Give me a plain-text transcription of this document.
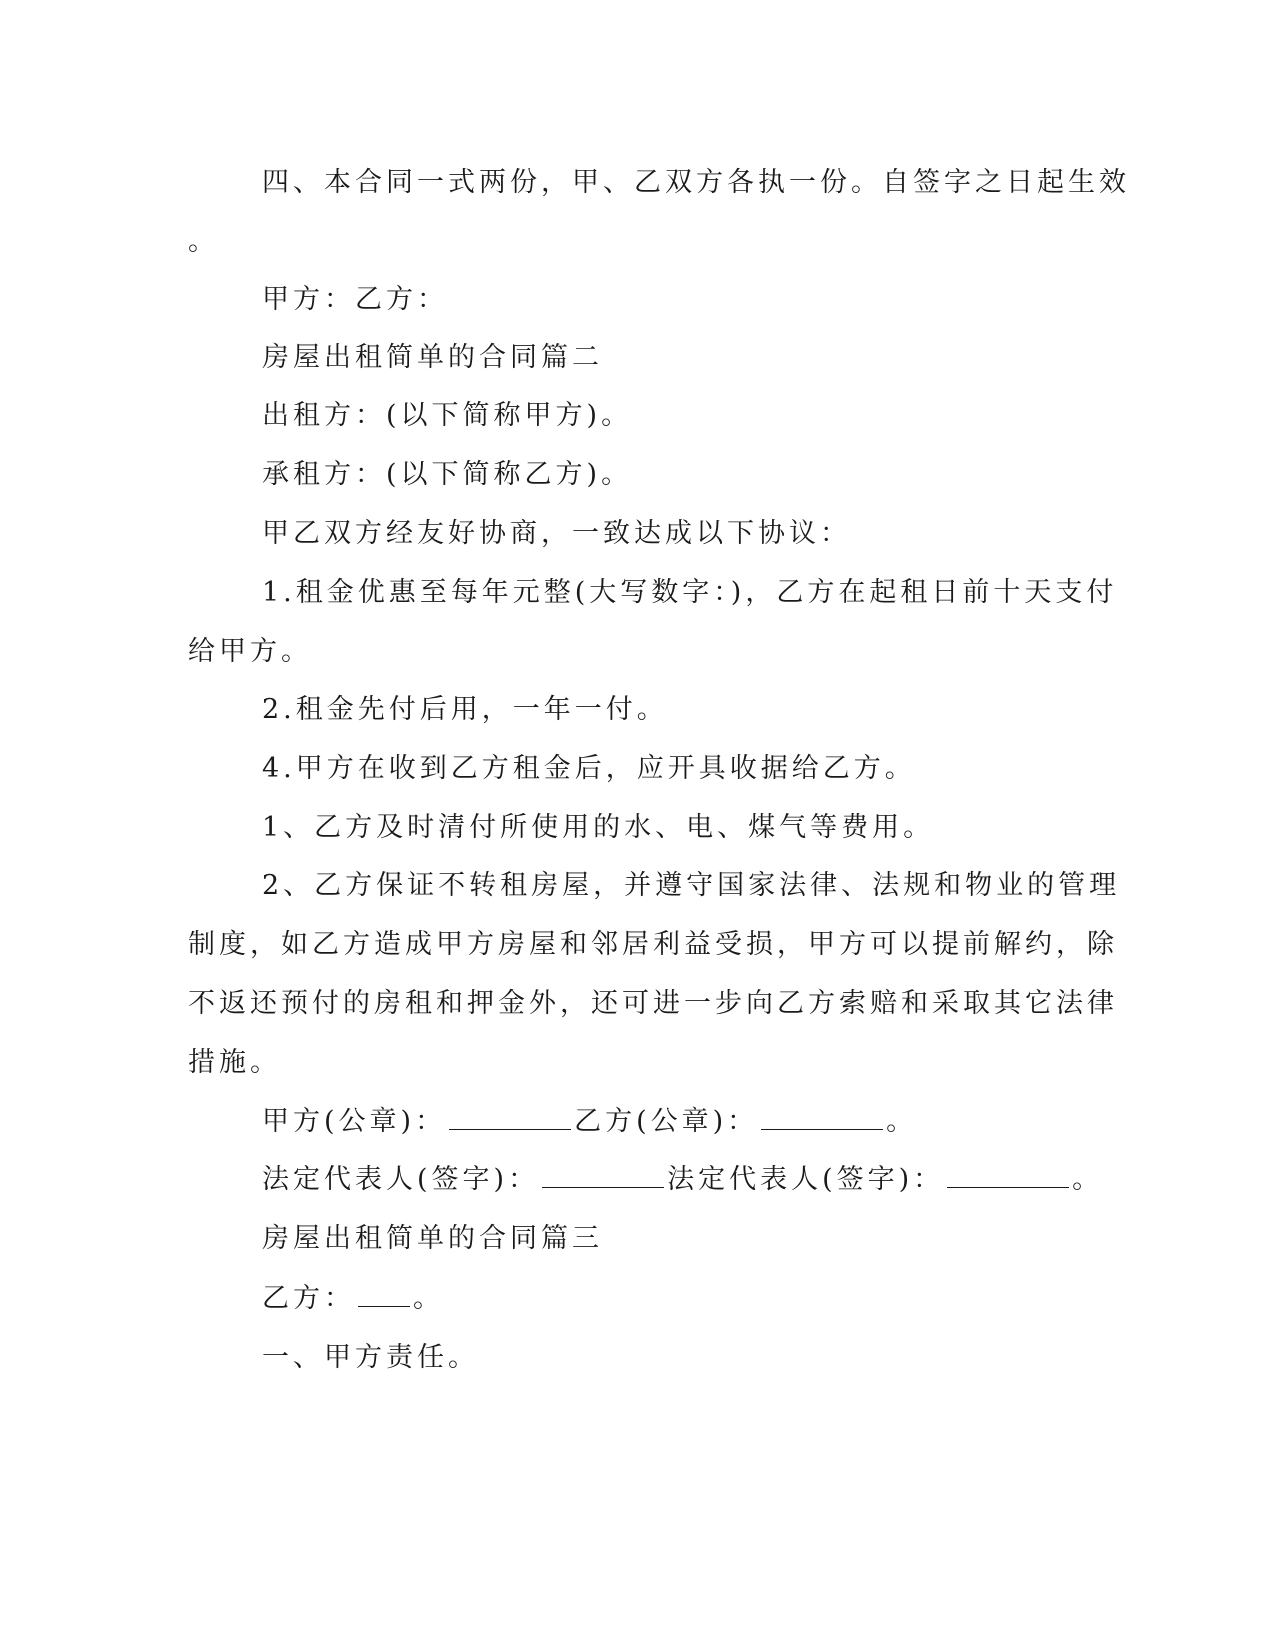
四、本合同一式两份，甲、乙双方各执一份。自签字之日起生效
。
甲方：乙方：
房屋出租简单的合同篇二
出租方：(以下简称甲方)。
承租方：(以下简称乙方)。
甲乙双方经友好协商，一致达成以下协议：
1.租金优惠至每年元整(大写数字：)，乙方在起租日前十天支付
给甲方。
2.租金先付后用，一年一付。
4.甲方在收到乙方租金后，应开具收据给乙方。
1、乙方及时清付所使用的水、电、煤气等费用。
2、乙方保证不转租房屋，并遵守国家法律、法规和物业的管理
制度，如乙方造成甲方房屋和邻居利益受损，甲方可以提前解约，除
不返还预付的房租和押金外，还可进一步向乙方索赔和采取其它法律
措施。
甲方(公章)：	乙方(公章)：	。
法定代表人(签字)：	法定代表人(签字)：	。
房屋出租简单的合同篇三
乙方： 。
一、甲方责任。
